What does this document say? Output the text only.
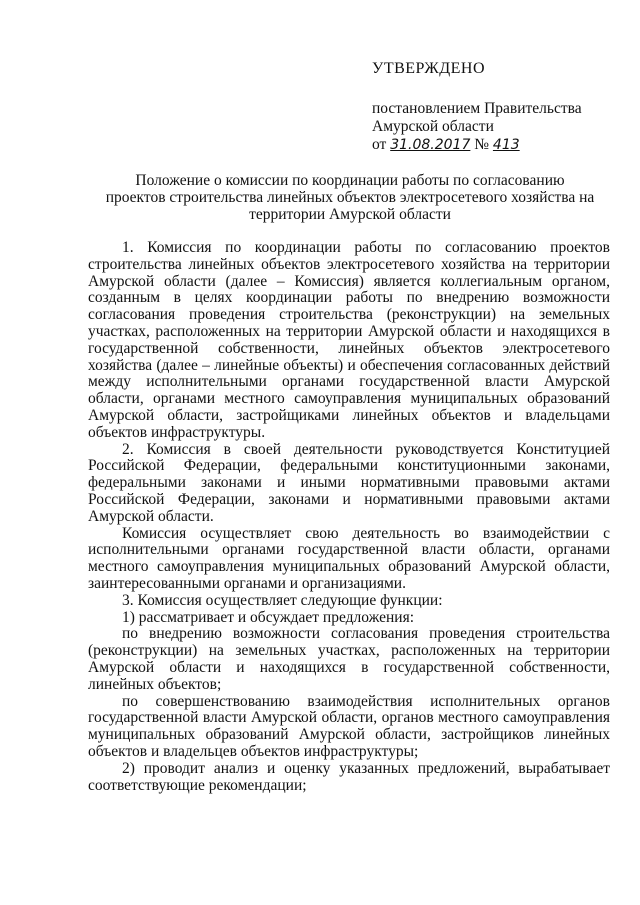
УТВЕРЖДЕНО
постановлением Правительства
Амурской области
от 31.08.2017 № 413
Положение о комиссии по координации работы по согласованию
проектов строительства линейных объектов электросетевого хозяйства на
территории Амурской области

1. Комиссия по координации работы по согласованию проектов строительства линейных объектов электросетевого хозяйства на территории Амурской области (далее – Комиссия) является коллегиальным органом, созданным в целях координации работы по внедрению возможности согласования проведения строительства (реконструкции) на земельных участках, расположенных на территории Амурской области и находящихся в государственной собственности, линейных объектов электросетевого хозяйства (далее – линейные объекты) и обеспечения согласованных действий между исполнительными органами государственной власти Амурской области, органами местного самоуправления муниципальных образований Амурской области, застройщиками линейных объектов и владельцами объектов инфраструктуры.

2. Комиссия в своей деятельности руководствуется Конституцией Российской Федерации, федеральными конституционными законами, федеральными законами и иными нормативными правовыми актами Российской Федерации, законами и нормативными правовыми актами Амурской области.

Комиссия осуществляет свою деятельность во взаимодействии с исполнительными органами государственной власти области, органами местного самоуправления муниципальных образований Амурской области, заинтересованными органами и организациями.

3. Комиссия осуществляет следующие функции:

1) рассматривает и обсуждает предложения:

по внедрению возможности согласования проведения строительства (реконструкции) на земельных участках, расположенных на территории Амурской области и находящихся в государственной собственности, линейных объектов;

по совершенствованию взаимодействия исполнительных органов государственной власти Амурской области, органов местного самоуправления муниципальных образований Амурской области, застройщиков линейных объектов и владельцев объектов инфраструктуры;

2) проводит анализ и оценку указанных предложений, вырабатывает соответствующие рекомендации;
